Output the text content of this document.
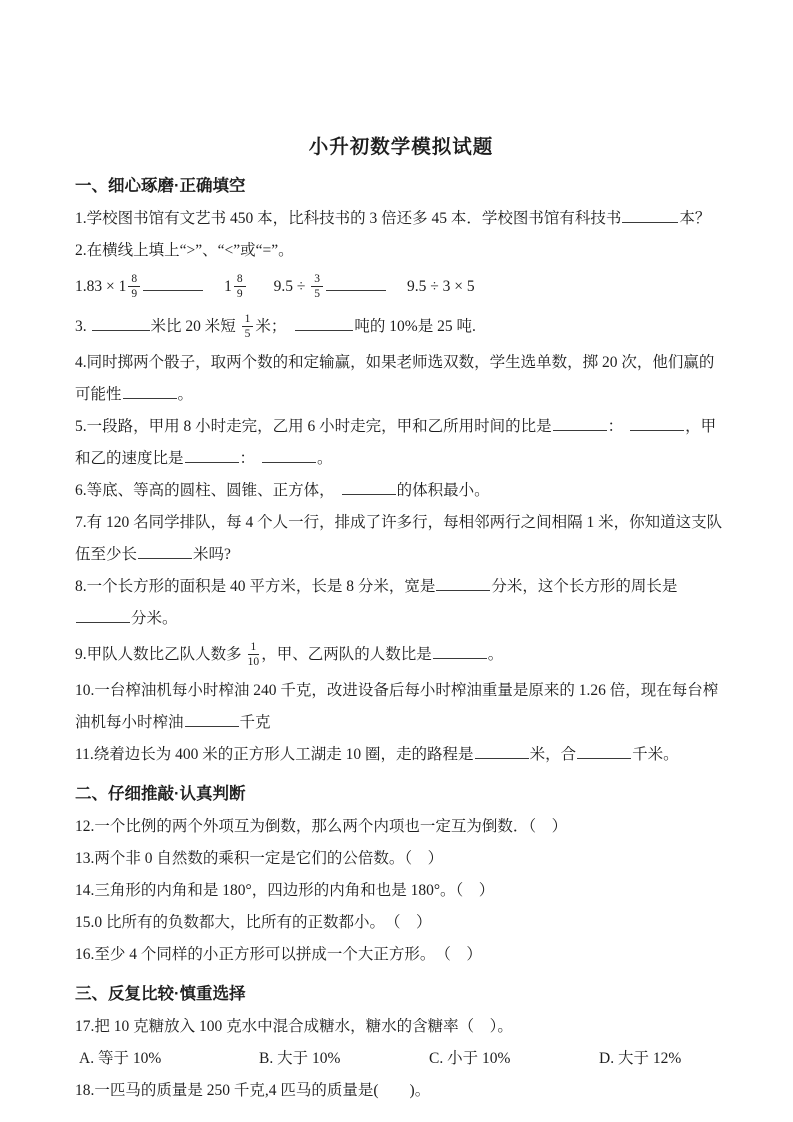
小升初数学模拟试题
一、细心琢磨·正确填空

1.学校图书馆有文艺书 450 本，比科技书的 3 倍还多 45 本．学校图书馆有科技书	本？

2.在横线上填上“>”、“<”或“=”。

$1.83 \times 1 \frac{8}{9}$	$1 \frac{8}{9} 9.5 \div \frac{3}{5}$	9.5 ÷ 3 × 5

3.	米比 20 米短 $\frac{1}{5}$ 米；	吨的 10%是 25 吨.

4.同时掷两个骰子，取两个数的和定输赢，如果老师选双数，学生选单数，掷 20 次，他们赢的可能性	。

5.一段路，甲用 8 小时走完，乙用 6 小时走完，甲和乙所用时间的比是	：	，甲和乙的速度比是	：	。

6.等底、等高的圆柱、圆锥、正方体，	的体积最小。

7.有 120 名同学排队，每 4 个人一行，排成了许多行，每相邻两行之间相隔 1 米，你知道这支队伍至少长	米吗?

8.一个长方形的面积是 40 平方米，长是 8 分米，宽是	分米，这个长方形的周长是分米。

9.甲队人数比乙队人数多 $\frac{1}{10}$ ，甲、乙两队的人数比是	。

10.一台榨油机每小时榨油 240 千克，改进设备后每小时榨油重量是原来的 1.26 倍，现在每台榨油机每小时榨油	千克

11.绕着边长为 400 米的正方形人工湖走 10 圈，走的路程是	米，合	千米。

二、仔细推敲·认真判断

12.一个比例的两个外项互为倒数，那么两个内项也一定互为倒数．（　）

13.两个非 0 自然数的乘积一定是它们的公倍数。（　）

14.三角形的内角和是 180°，四边形的内角和也是 180°。（　）

15.0 比所有的负数都大，比所有的正数都小。　（　）

16.至少 4 个同样的小正方形可以拼成一个大正方形。　（　）

三、反复比较·慎重选择

17.把 10 克糖放入 100 克水中混合成糖水，糖水的含糖率（　）。

A. 等于 10%	B. 大于 10%	C. 小于 10%	D. 大于 12%

18.一匹马的质量是 250 千克,4 匹马的质量是(　　)。
